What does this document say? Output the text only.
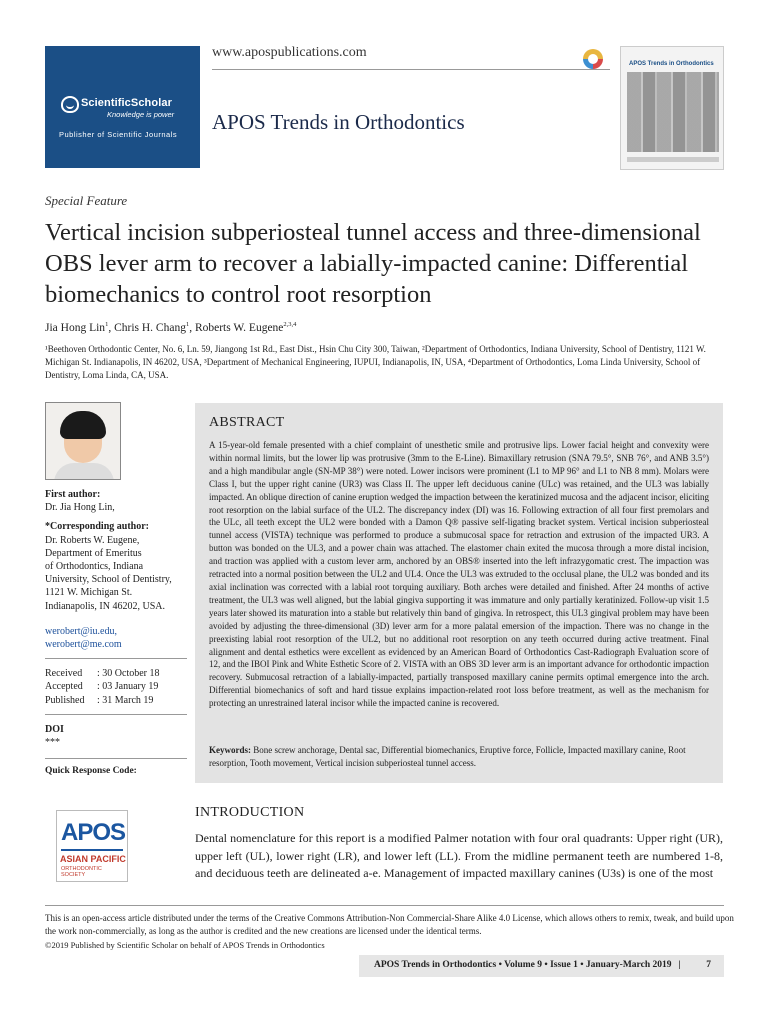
ScientificScholar
Knowledge is power
Publisher of Scientific Journals
www.apospublications.com
APOS Trends in Orthodontics
APOS Trends in Orthodontics
Special Feature
Vertical incision subperiosteal tunnel access and three-dimensional OBS lever arm to recover a labially-impacted canine: Differential biomechanics to control root resorption
Jia Hong Lin$^1$, Chris H. Chang$^1$, Roberts W. Eugene$^{2,3,4}$
¹Beethoven Orthodontic Center, No. 6, Ln. 59, Jiangong 1st Rd., East Dist., Hsin Chu City 300, Taiwan, ²Department of Orthodontics, Indiana University, School of Dentistry, 1121 W. Michigan St. Indianapolis, IN 46202, USA, ³Department of Mechanical Engineering, IUPUI, Indianapolis, IN, USA, ⁴Department of Orthodontics, Loma Linda University, School of Dentistry, Loma Linda, CA, USA.
First author:
Dr. Jia Hong Lin,
*Corresponding author:
Dr. Roberts W. Eugene,
Department of Emeritus
of Orthodontics, Indiana
University, School of Dentistry,
1121 W. Michigan St.
Indianapolis, IN 46202, USA.
werobert@iu.edu,
werobert@me.com
Received	: 30 October 18
Accepted	: 03 January 19
Published	: 31 March 19
DOI
***
Quick Response Code:
APOS
ASIAN PACIFIC
ORTHODONTIC SOCIETY
ABSTRACT
A 15-year-old female presented with a chief complaint of unesthetic smile and protrusive lips. Lower facial height and convexity were within normal limits, but the lower lip was protrusive (3mm to the E-Line). Bimaxillary retrusion (SNA 79.5°, SNB 76°, and ANB 3.5°) and a high mandibular angle (SN-MP 38°) were noted. Lower incisors were prominent (L1 to MP 96° and L1 to NB 8 mm). Molars were Class I, but the upper right canine (UR3) was Class II. The upper left deciduous canine (ULc) was retained, and the UL3 was labially impacted. An oblique direction of canine eruption wedged the impaction between the keratinized mucosa and the adjacent incisor, eliciting root resorption on the labial surface of the UL2. The discrepancy index (DI) was 16. Following extraction of all four first premolars and the ULc, all teeth except the UL2 were bonded with a Damon Q® passive self-ligating bracket system. Vertical incision subperiosteal tunnel access (VISTA) technique was performed to produce a submucosal space for retraction and extrusion of the impacted UR3. A button was bonded on the UL3, and a power chain was attached. The elastomer chain exited the mucosa through a more distal incision, and traction was applied with a custom lever arm, anchored by an OBS® inserted into the left infrazygomatic crest. The impaction was retracted into a normal position between the UL2 and UL4. Once the UL3 was extruded to the occlusal plane, the UL2 was bonded and its axial inclination was corrected with a labial root torquing auxiliary. Both arches were detailed and finished. After 24 months of active treatment, the UL3 was well aligned, but the labial gingiva supporting it was immature and only partially keratinized. Follow-up visit 1.5 years later showed its maturation into a stable but relatively thin band of gingiva. In retrospect, this UL3 gingival problem may have been avoided by adjusting the three-dimensional (3D) lever arm for a more palatal emersion of the impaction. There was no change in the preexisting labial root resorption of the UL2, but no additional root resorption on any teeth occurred during active treatment. Final alignment and dental esthetics were excellent as evidenced by an American Board of Orthodontics Cast-Radiograph Evaluation score of 12, and the IBOI Pink and White Esthetic Score of 2. VISTA with an OBS 3D lever arm is an important advance for orthodontic impaction recovery. Submucosal retraction of a labially-impacted, partially transposed maxillary canine permits optimal emergence into the arch. Differential biomechanics of soft and hard tissue explains impaction-related root loss before treatment, as well as the mechanism for protecting an unrestrained lateral incisor while the impacted canine is recovered.
Keywords: Bone screw anchorage, Dental sac, Differential biomechanics, Eruptive force, Follicle, Impacted maxillary canine, Root resorption, Tooth movement, Vertical incision subperiosteal tunnel access.
INTRODUCTION
Dental nomenclature for this report is a modified Palmer notation with four oral quadrants: Upper right (UR), upper left (UL), lower right (LR), and lower left (LL). From the midline permanent teeth are numbered 1-8, and deciduous teeth are delineated a-e. Management of impacted maxillary canines (U3s) is one of the most
This is an open-access article distributed under the terms of the Creative Commons Attribution-Non Commercial-Share Alike 4.0 License, which allows others to remix, tweak, and build upon the work non-commercially, as long as the author is credited and the new creations are licensed under the identical terms.
©2019 Published by Scientific Scholar on behalf of APOS Trends in Orthodontics
APOS Trends in Orthodontics • Volume 9 • Issue 1 • January-March 2019 |	7
